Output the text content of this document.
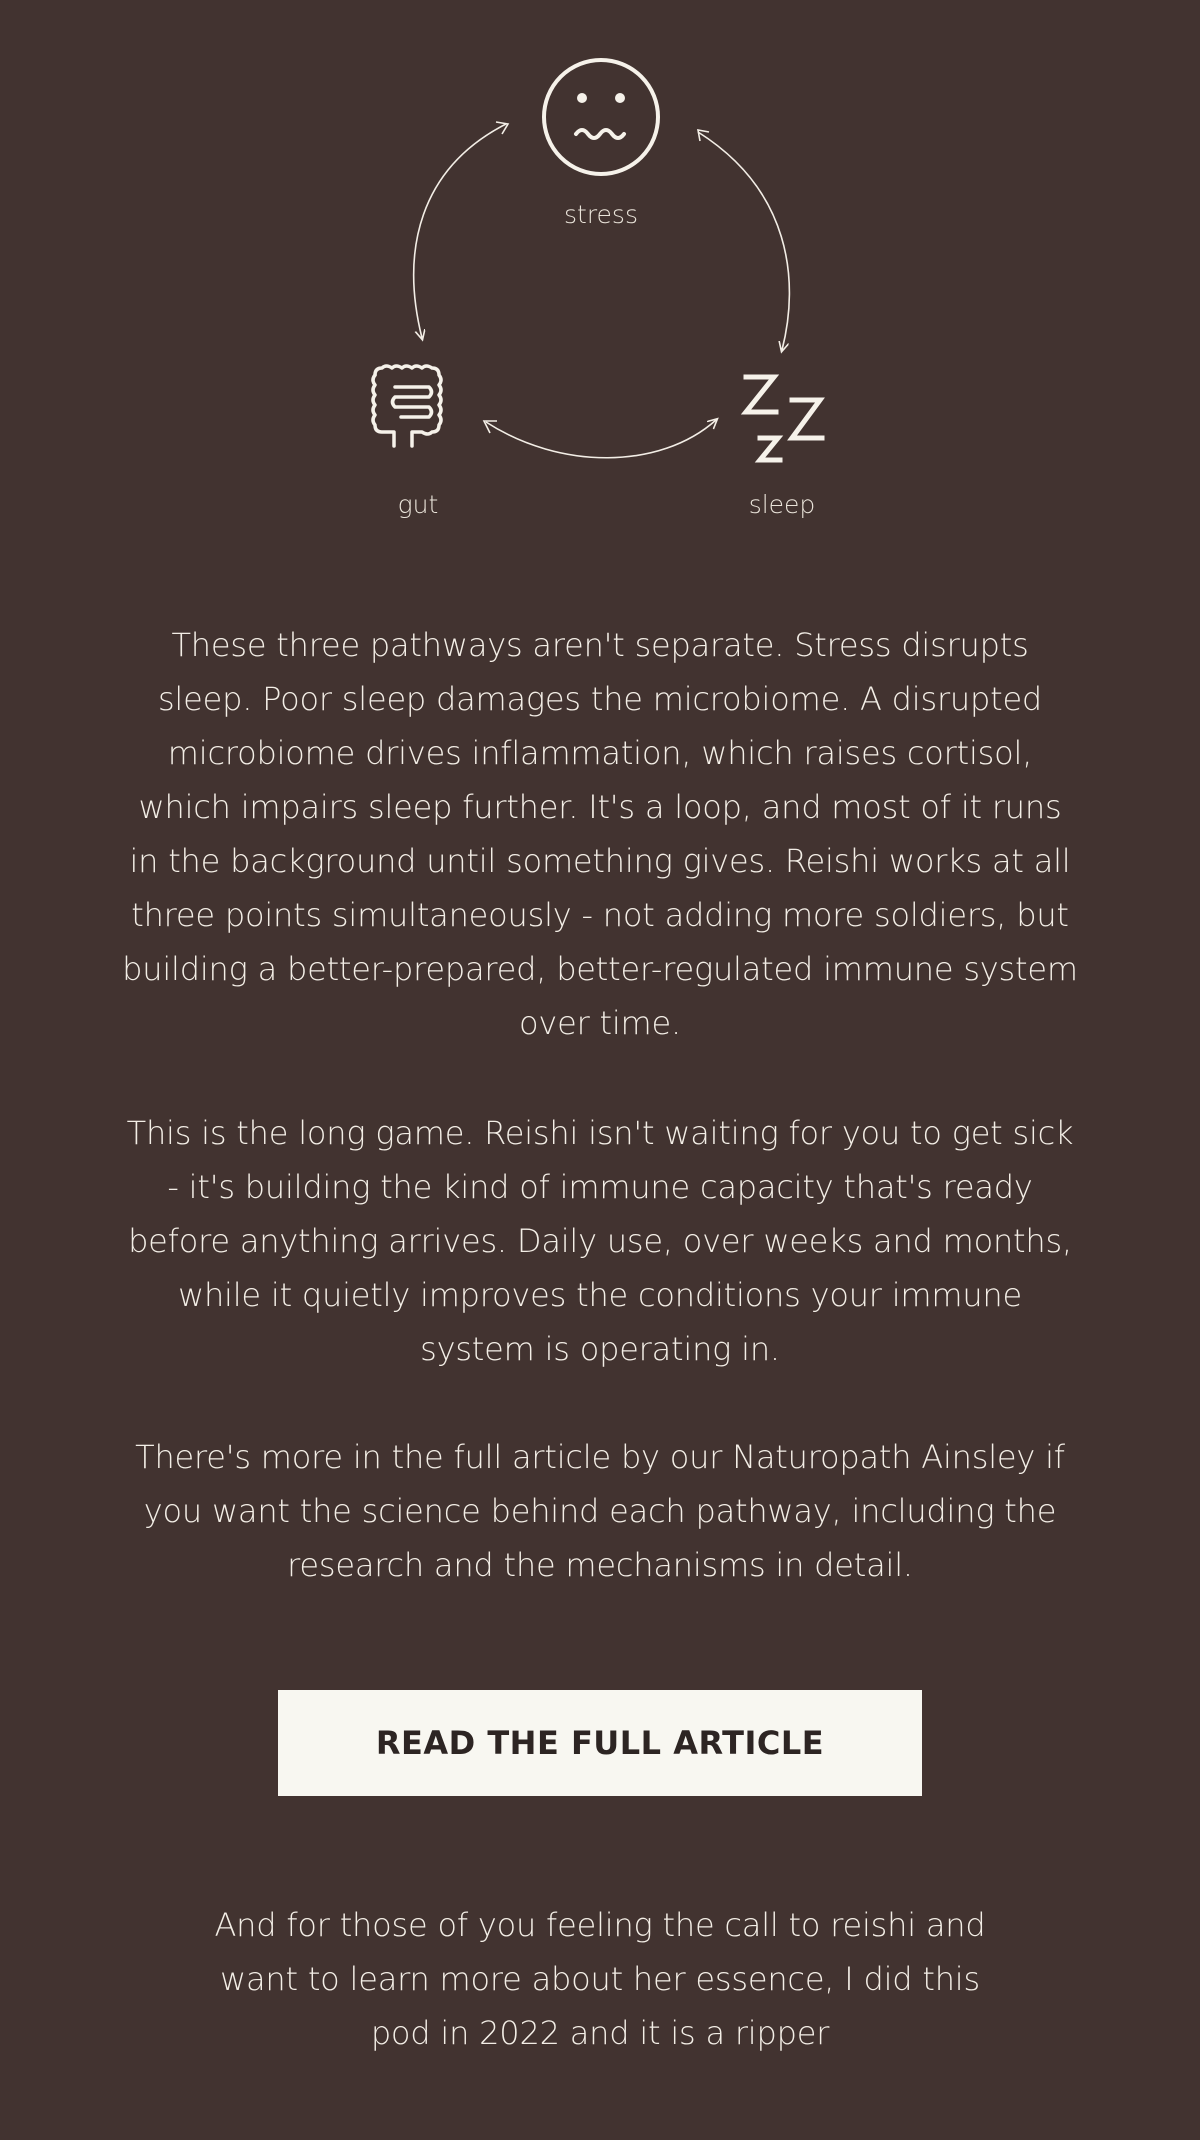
stress
gut	sleep

These three pathways aren't separate. Stress disrupts sleep. Poor sleep damages the microbiome. A disrupted microbiome drives inflammation, which raises cortisol, which impairs sleep further. It's a loop, and most of it runs in the background until something gives. Reishi works at all three points simultaneously - not adding more soldiers, but building a better-prepared, better-regulated immune system over time.

This is the long game. Reishi isn't waiting for you to get sick - it's building the kind of immune capacity that's ready before anything arrives. Daily use, over weeks and months, while it quietly improves the conditions your immune system is operating in.

There's more in the full article by our Naturopath Ainsley if you want the science behind each pathway, including the research and the mechanisms in detail.

READ THE FULL ARTICLE

And for those of you feeling the call to reishi and want to learn more about her essence, I did this pod in 2022 and it is a ripper
